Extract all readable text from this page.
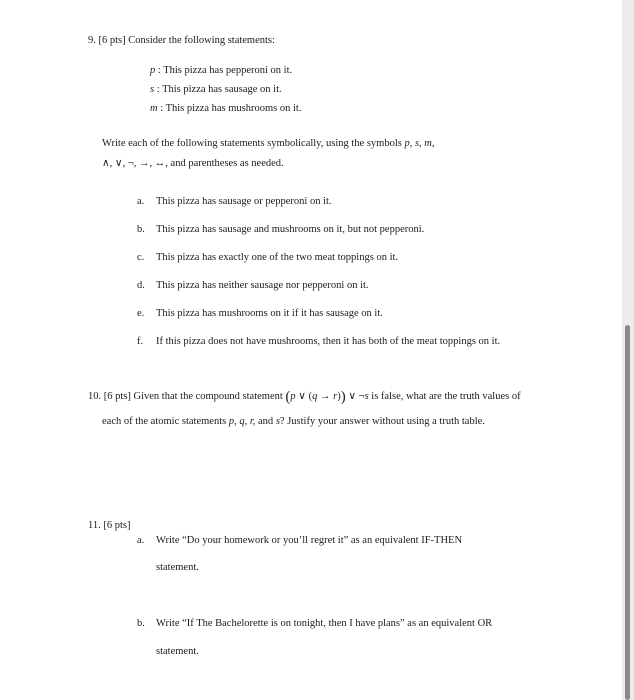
9. [6 pts] Consider the following statements:
p : This pizza has pepperoni on it.
s : This pizza has sausage on it.
m : This pizza has mushrooms on it.
Write each of the following statements symbolically, using the symbols p, s, m,
∧, ∨, ¬, →, ↔, and parentheses as needed.
a. This pizza has sausage or pepperoni on it.
b. This pizza has sausage and mushrooms on it, but not pepperoni.
c. This pizza has exactly one of the two meat toppings on it.
d. This pizza has neither sausage nor pepperoni on it.
e. This pizza has mushrooms on it if it has sausage on it.
f. If this pizza does not have mushrooms, then it has both of the meat toppings on it.
10. [6 pts] Given that the compound statement (p ∨ (q → r)) ∨ ¬s is false, what are the truth values of
each of the atomic statements p, q, r, and s? Justify your answer without using a truth table.
11. [6 pts]
a. Write “Do your homework or you’ll regret it” as an equivalent IF-THEN
statement.
b. Write “If The Bachelorette is on tonight, then I have plans” as an equivalent OR
statement.
